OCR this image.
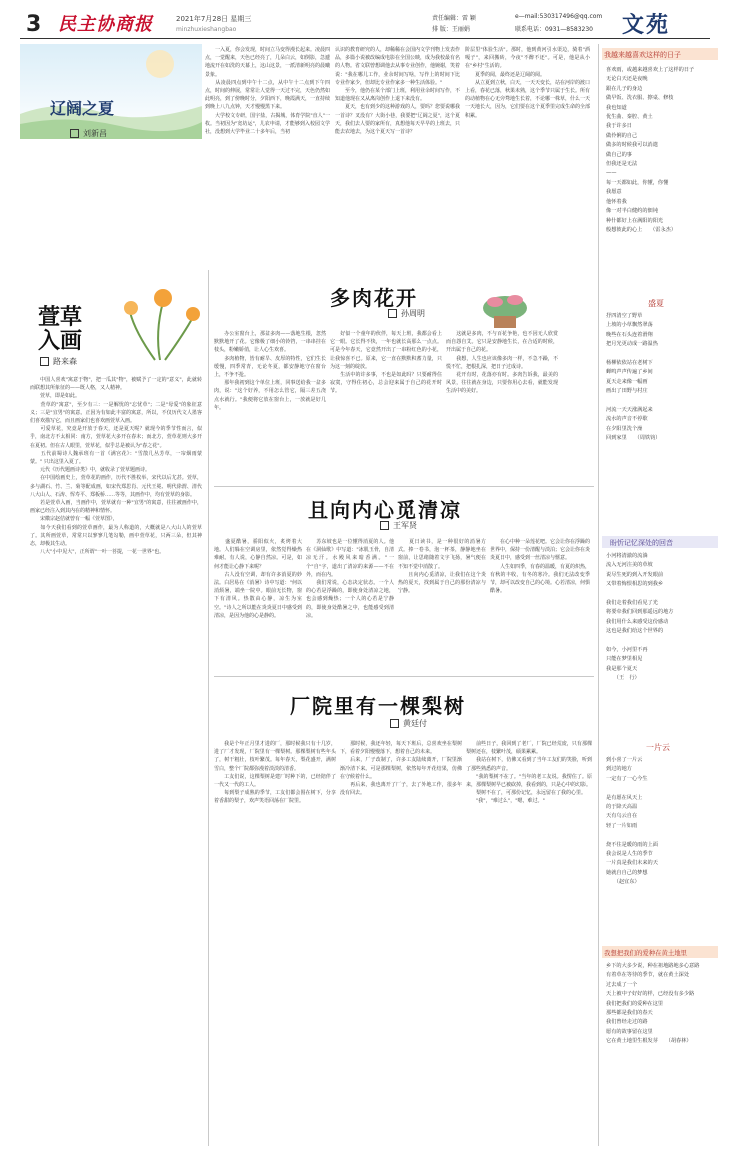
3 民主协商报	minzhuxieshangbao
2021年7月28日 星期三	责任编辑：雷 颖
排 版：王丽娟
e—mail:530317496@qq.com
联系电话：0931—8583230 文苑
辽阔之夏
刘新昌
　　一入夏，你会发现，时间立马变得漫长起来。凌晨四点，一觉醒来，天色已经亮了，几朵白云，如倒影，急遽地流开在如洗的天幕上，这山这景，一派清新明亮的晨曦景象。
　　从凌晨四点到中午十二点，从中午十二点到下午四点，时间的伸展，常常让人觉得一天过不完，天色仍然如此明亮，到了傍晚时分，夕阳西下，晚霞满天，一直持续到晚上八九点钟，天才慢慢黑下来。
　　大学校文专研，国宇盐，古揭城，体育学院"直人"一枚。当初因为"宽坊运"，儿农申请，才能够到入校园文学社，没想到大学毕业二十多年后，当初
认识的教育研究的人，却稀稀在会国内文学刊物上发表作品，多篇小说被改编成电影在全国公映，成为我校最有名的人物。省文联曾想调他去从事专业创作，他婉谢，笑着说："我在哪儿工作，业余时间写啥，写作上的时间下比专业作家少，但却比专业作家多一种生活体验。"
　　至今，他仍在某个部门上班，利用业余时间写作，不知道他现在又从离岗创作上退下来没有。
　　夏天，也有到少的这种游戏的人，要吗？您要说哪我一首诗？叉没有？大街小巷，我要把"辽阔之夏"，这个夏天，我们去人要的家所有，真想他每天早早的上班去，只能去农地去，为这个夏天写一首诗？
阶层里"体验生活"。那时，他到黄河引水渠边，骑着"酒嘎子"，来回搬砖，今夜"不醉不还"。可是，他是从小在"乡村"生活的。
　　夏季的阅，最终还是辽阔的阅。
　　从立夏到立秋，白天，一天天变长，站在河岸的渡口上看，春花已落，秋果未熟，这个季节只属于生长。所有的动植物在心无旁骛地生长着，不论哪一株草，什么一天一天地长大，因为，它们要在这个夏季里完成生命的全部积累。
萱草
入画
路来森
　　中国人喜欢"寓意于物"，把一瓜其"物"，被赋予了一定的"意义"，此就转而联想其所象征的——既人格，又人精神。
　　萱草，即是如此。
　　萱草的"寓意"，至少有三：一是解忧的"忘忧草"；二是"母爱"的象征意义；三是"宜男"的寓意。正因为有如此丰富的寓意，所以，不仅历代文人墨客们喜欢描写它，而且画家们也喜欢画萱草入画。
　　可爱草花，究竟是开放于春天，还是夏天呢？就现今的季节性而言，似乎，南北方不太相同：南方，萱草花大多开在春末；而北方，萱草花则大多开在夏初。但在古人眼里，萱草花，似乎总是被认为"春之花"。
　　五代前蜀诗人魏承班有一首《满宫花》："雪散几丛芳草，一帘烟雨蒙蒙。" 只出这里入夏了。
　　元代《历代题画诗类》中，就收录了萱草题画诗。
　　在中国绘画史上，萱草花的画作，历代不胜枚举，宋代以后尤甚。萱草，多与湖石、竹、兰、菊等配成画，如宋代郑思肖、元代王冕、明代徐渭、清代八大山人、石涛、恽寿平、郑板桥……等等，其画作中，均有萱草的身影。
　　若是萱草入画，当画作中，萱草就有一种"宜男"的寓意，往往被画作中，画家已经注入到其内在的精神和情怀。
　　宋徽宗赵佶就曾有一幅《萱草图》，
　　如今天我们看到的萱草画作，最为人称道的，大概就是八大山人的萱草了。其所画萱草，常常只以寥寥几笔勾勒，画中萱草花，只两三朵，但其神态，却极其生动。
　　八大"小中见大"，正所谓"一叶一菩提，一花一世界"也。
多肉花开
孙周明
　　办公室窗台上，那盆多肉——落地生根，忽然默默地开了花。它像极了细小的铃铛，一串串挂在枝头，粉嫩娇俏，让人心生欢喜。
　　多肉植物，皆有耐旱、皮厚的特性，它们生长缓慢，四季常青，无论冬夏，都安静地守在窗台上，不争不抢。
　　那年我初到这个单位上班，同事送给我一盆多肉，说："这个好养，不用怎么管它，隔三差五浇点水就行。"我便将它放在窗台上，一放就是好几年。
　　好似一个童年的伙伴，每天上班，我都会看上它一眼。它长得不快，一年也就长高那么一点点。可是今年春天，它竟然开出了一串粉红色的小花，让我惊喜不已。原来，它一直在默默积蓄力量，只为这一刻的绽放。
　　生活中的许多事，不也是如此吗？只要耐得住寂寞，守得住初心，总会迎来属于自己的花开时节。
　　这就是多肉，不与百花争艳，也不因无人欣赏而自怨自艾。它只是安静地生长，在合适的时候，开出属于自己的花。
　　我想，人生也应该像多肉一样，不急不躁，不慌不忙，把根扎深，把日子过成诗。
　　花开有时，花落亦有时。多肉告诉我，最美的风景，往往就在身边，只要你用心去看，就能发现生活中的美好。
且向内心觅清凉
王军贤
　　盛夏酷暑，骄阳似火，炙烤着大地。人们躲在空调房里，依然觉得燥热难耐。有人说，心静自然凉。可是，如何才能让心静下来呢？
　　古人没有空调，却有许多消夏的妙法。白居易在《消暑》诗中写道："何以消烦暑，端坐一院中。眼前无长物，窗下有清风。热散由心静，凉生为室空。"诗人之所以能在炎炎夏日中感受到清凉，是因为他的心是静的。
　　苏东坡也是一位懂得消夏的人。他在《洞仙歌》中写道："冰肌玉骨，自清凉无汗。水殿风来暗香满。"一个"自"字，道出了清凉的来源——不在外，而在内。
　　我们常说，心态决定状态。一个人的心若是浮躁的，即使身处清凉之地，也会感到燥热；一个人的心若是宁静的，即使身处酷暑之中，也能感受到清凉。
　　夏日读书，是一种很好的消暑方式。捧一卷书，泡一杯茶，静静地坐在窗前，让思绪随着文字飞扬，暑气便在不知不觉中消散了。
　　且向内心觅清凉，让我们在这个炎热的夏天，找到属于自己的那份清凉与宁静。
　　在心中种一朵莲花吧。它会让你在浮躁的世界中，保持一份清醒与淡泊；它会让你在炎炎夏日中，感受到一丝清凉与惬意。
　　人生如四季，有春的温暖，有夏的炽热，有秋的丰收，有冬的寒冷。我们无法改变季节，却可以改变自己的心境。心若清凉，何惧酷暑。
厂院里有一棵梨树
黄廷付
　　我是个年正月里才进的厂，那时候我只有十几岁，进了厂才发现，厂院里有一棵梨树。那棵梨树有些年头了，树干粗壮，枝叶繁茂。每年春天，梨花盛开，满树雪白，整个厂院都弥漫着淡淡的清香。
　　工友们说，这棵梨树是建厂时种下的，已经陪伴了一代又一代的工人。
　　每到梨子成熟的季节，工友们都会围在树下，分享着香甜的梨子，欢声笑语回荡在厂院里。
　　那时候，我还年轻，每天下班后，总喜欢坐在梨树下，看着夕阳慢慢落下，想着自己的未来。
　　后来，厂子改制了，许多工友陆续离开，厂院里渐渐冷清下来。可是那棵梨树，依然每年开花结果，仿佛在守候着什么。
　　再后来，我也离开了厂子，去了外地工作，很多年没有回去。
　　前些日子，我回到了老厂，厂院已经荒废，只有那棵梨树还在，枝繁叶茂，硕果累累。
　　我站在树下，仿佛又看到了当年工友们的笑脸，听到了那些熟悉的声音。
　　"我的梨树不在了。"当年的老工友说。我愣住了。原来，那棵梨树早已被砍掉，我看到的，只是心中的幻影。
　　梨树不在了，可那份记忆，永远留在了我的心里。
　　"我"，"难过么"，"嗯，难过。"
我越来越喜欢这样的日子
喜欢雨，或越来越喜欢上了这样的日子
无论白天还是夜晚
跟在儿子的身边
做早饭、洗衣服、擦桌、修枝
我也知道
优生曲、秦腔、黄土
我于许多日
做伶俐的自己
做多的时候我可以消遣
做自己的事
但我还是无法
——
每一天都如此，你懂，你懂
我愿意
他怀着我
像一对半白健约的佃钝
种什都好上在满阳的阳光
般想彼此的心上　　（雷永杰）
盛夏
抒四清空了野草
上坡的小草飘然翠荡
晚些在石头连着滑翔
把月光更动成一路温热

杨柳依依站在老树下
蝉鸣声声传遍了乡间
夏天走来像一幅画
画出了田野与村庄

河流一天天涨满起来
流水的声音不停歇
在夕阳里洗个澡
回到家里　　（周铁钧）
盼忻记忆深处的回音
小河将清澈的流淌
流入无河注美的草坡
说尽生死的到入开发眼前
又带着悔恨相思的到我乡

我们走着我们看见了光
将要牵我们回到那遥远的地方
我们用什么来感受这份感动
这也是我们给这个世界的

如今，小河里不再
只能在梦里相见
我是那个夏天
　　（王　行）
一片云
到小喜了一片云
到过的地方
一定有了一心今生

是有愿在风天上
的于降天高温
天有乌云自在
轻了一片如雨

烧不住是暖的雨的上面
我会说是人生的季节
一片真是我们未来的天
她就自自己的梦想
　　（赵宜东）
我想把我们的爱种在黄土地里
乡下的大多少说，种在祖地路地多心意路
有着草在等待的季节，就在黄土深处
过去成了一个
天上被中子好好的样，已经没有多少路
我们把我们的爱种在这里
那些都是我们的春天
我们曾经走过的路
愿有的故事留在这里
它在黄土地里生根发芽　　（胡春林）
